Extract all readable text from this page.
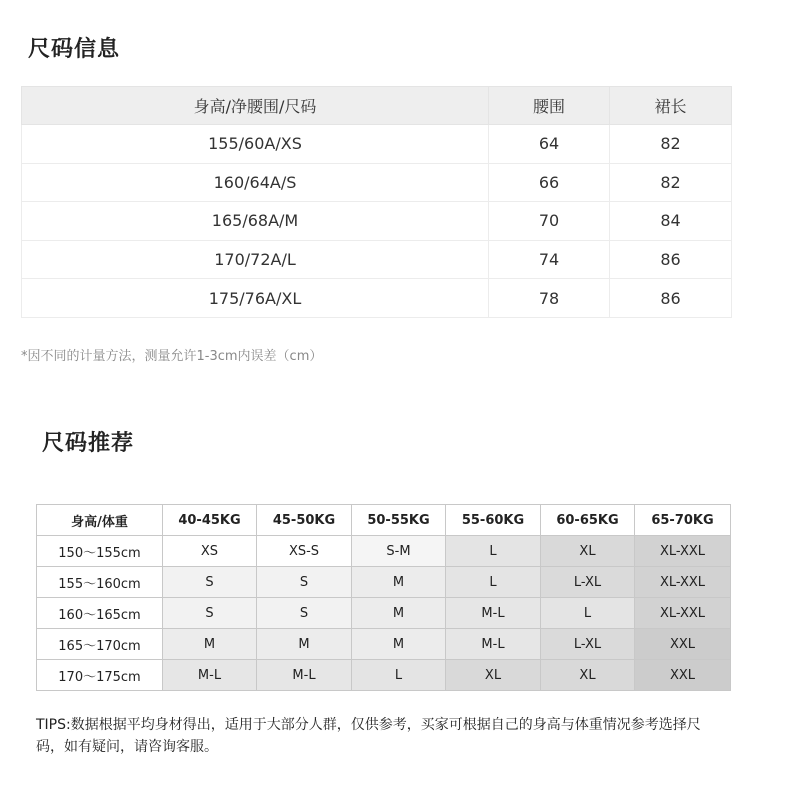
尺码信息
身高/净腰围/尺码	腰围	裙长
155/60A/XS	64	82
160/64A/S	66	82
165/68A/M	70	84
170/72A/L	74	86
175/76A/XL	78	86

*因不同的计量方法，测量允许1-3cm内误差（cm）

尺码推荐
身高/体重	40-45KG	45-50KG	50-55KG	55-60KG	60-65KG	65-70KG
150～155cm	XS	XS-S	S-M	L	XL	XL-XXL
155～160cm	S	S	M	L	L-XL	XL-XXL
160～165cm	S	S	M	M-L	L	XL-XXL
165～170cm	M	M	M	M-L	L-XL	XXL
170～175cm	M-L	M-L	L	XL	XL	XXL

TIPS:数据根据平均身材得出，适用于大部分人群，仅供参考，买家可根据自己的身高与体重情况参考选择尺码，如有疑问，请咨询客服。
